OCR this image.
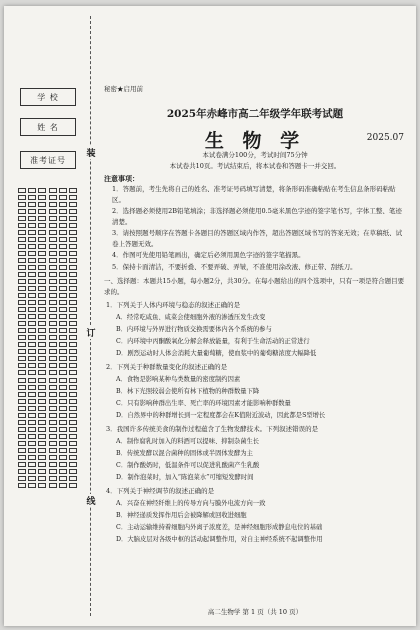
学 校
姓 名
准考证号
装
订
线
秘密★启用前
2025年赤峰市高二年级学年联考试题
生 物 学	2025.07
本试卷满分100分，考试时间75分钟
本试卷共10页。考试结束后，将本试卷和答题卡一并交回。
注意事项：
1．答题前，考生先将自己的姓名、准考证号码填写清楚，将条形码准确粘贴在考生信息条形码粘贴区。
2．选择题必须使用2B铅笔填涂；非选择题必须使用0.5毫米黑色字迹的签字笔书写，字体工整、笔迹清楚。
3．请按照题号顺序在答题卡各题目的答题区域内作答，超出答题区域书写的答案无效；在草稿纸、试卷上答题无效。
4．作图可先使用铅笔画出，确定后必须用黑色字迹的签字笔描黑。
5．保持卡面清洁，不要折叠、不要弄破、弄皱，不准使用涂改液、修正带、刮纸刀。
一、选择题：本题共15小题，每小题2分，共30分。在每小题给出的四个选项中，只有一项是符合题目要求的。
1．下列关于人体内环境与稳态的叙述正确的是
A．经常吃咸鱼、咸菜会使细胞外液的渗透压发生改变
B．内环境与外界进行物质交换需要体内各个系统的参与
C．内环境中丙酮酸氧化分解会释放能量，有利于生命活动的正常进行
D．剧烈运动时人体会消耗大量葡萄糖，使血浆中的葡萄糖浓度大幅降低
2．下列关于种群数量变化的叙述正确的是
A．食物是影响某种鸟类数量的密度制约因素
B．林下光照较弱会使所有林下植物的种群数量下降
C．只有影响种群出生率、死亡率的环境因素才能影响种群数量
D．自然界中的种群增长到一定程度都会在K值附近波动，因此都是S型增长
3．我国许多传统美食的制作过程蕴含了生物发酵技术。下列叙述错误的是
A．制作腐乳时加入的料酒可以提味、抑制杂菌生长
B．传统发酵以混合菌种的固体或半固体发酵为主
C．制作酸奶时，低温条件可以促进乳酸菌产生乳酸
D．制作泡菜时，加入“陈泡菜水”可缩短发酵时间
4．下列关于神经调节的叙述正确的是
A．兴奋在神经纤维上的传导方向与膜外电流方向一致
B．神经递质发挥作用后会被降解或回收进细胞
C．主动运输维持着细胞内外离子浓度差，是神经细胞形成静息电位的基础
D．大脑皮层对各级中枢的活动起调整作用，对自主神经系统不起调整作用
高二生物学 第 1 页（共 10 页）
